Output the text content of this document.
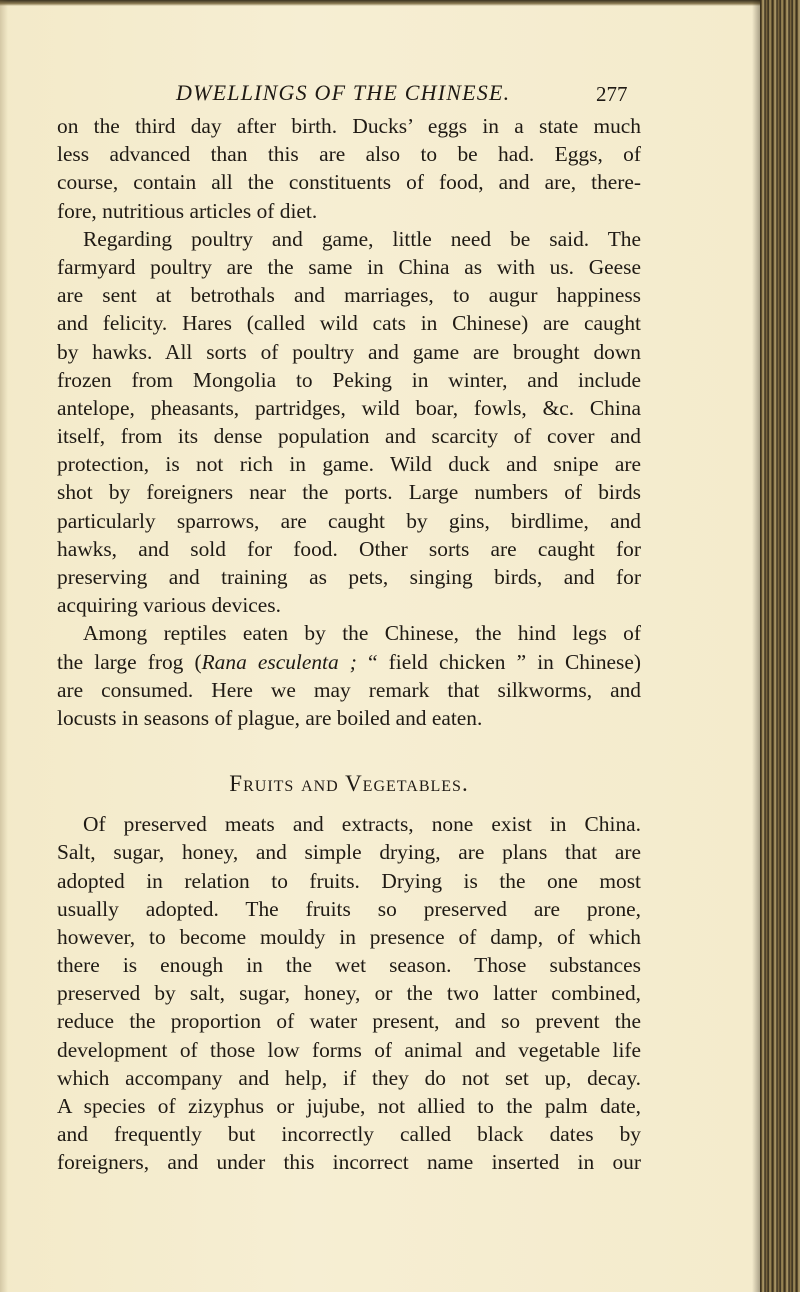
DWELLINGS OF THE CHINESE.	277
on the third day after birth. Ducks’ eggs in a state much
less advanced than this are also to be had. Eggs, of
course, contain all the constituents of food, and are, there-
fore, nutritious articles of diet.
Regarding poultry and game, little need be said. The
farmyard poultry are the same in China as with us. Geese
are sent at betrothals and marriages, to augur happiness
and felicity. Hares (called wild cats in Chinese) are caught
by hawks. All sorts of poultry and game are brought down
frozen from Mongolia to Peking in winter, and include
antelope, pheasants, partridges, wild boar, fowls, &c. China
itself, from its dense population and scarcity of cover and
protection, is not rich in game. Wild duck and snipe are
shot by foreigners near the ports. Large numbers of birds
particularly sparrows, are caught by gins, birdlime, and
hawks, and sold for food. Other sorts are caught for
preserving and training as pets, singing birds, and for
acquiring various devices.
Among reptiles eaten by the Chinese, the hind legs of
the large frog (Rana esculenta ; “ field chicken ” in Chinese)
are consumed. Here we may remark that silkworms, and
locusts in seasons of plague, are boiled and eaten.
Fruits and Vegetables.
Of preserved meats and extracts, none exist in China.
Salt, sugar, honey, and simple drying, are plans that are
adopted in relation to fruits. Drying is the one most
usually adopted. The fruits so preserved are prone,
however, to become mouldy in presence of damp, of which
there is enough in the wet season. Those substances
preserved by salt, sugar, honey, or the two latter combined,
reduce the proportion of water present, and so prevent the
development of those low forms of animal and vegetable life
which accompany and help, if they do not set up, decay.
A species of zizyphus or jujube, not allied to the palm date,
and frequently but incorrectly called black dates by
foreigners, and under this incorrect name inserted in our
